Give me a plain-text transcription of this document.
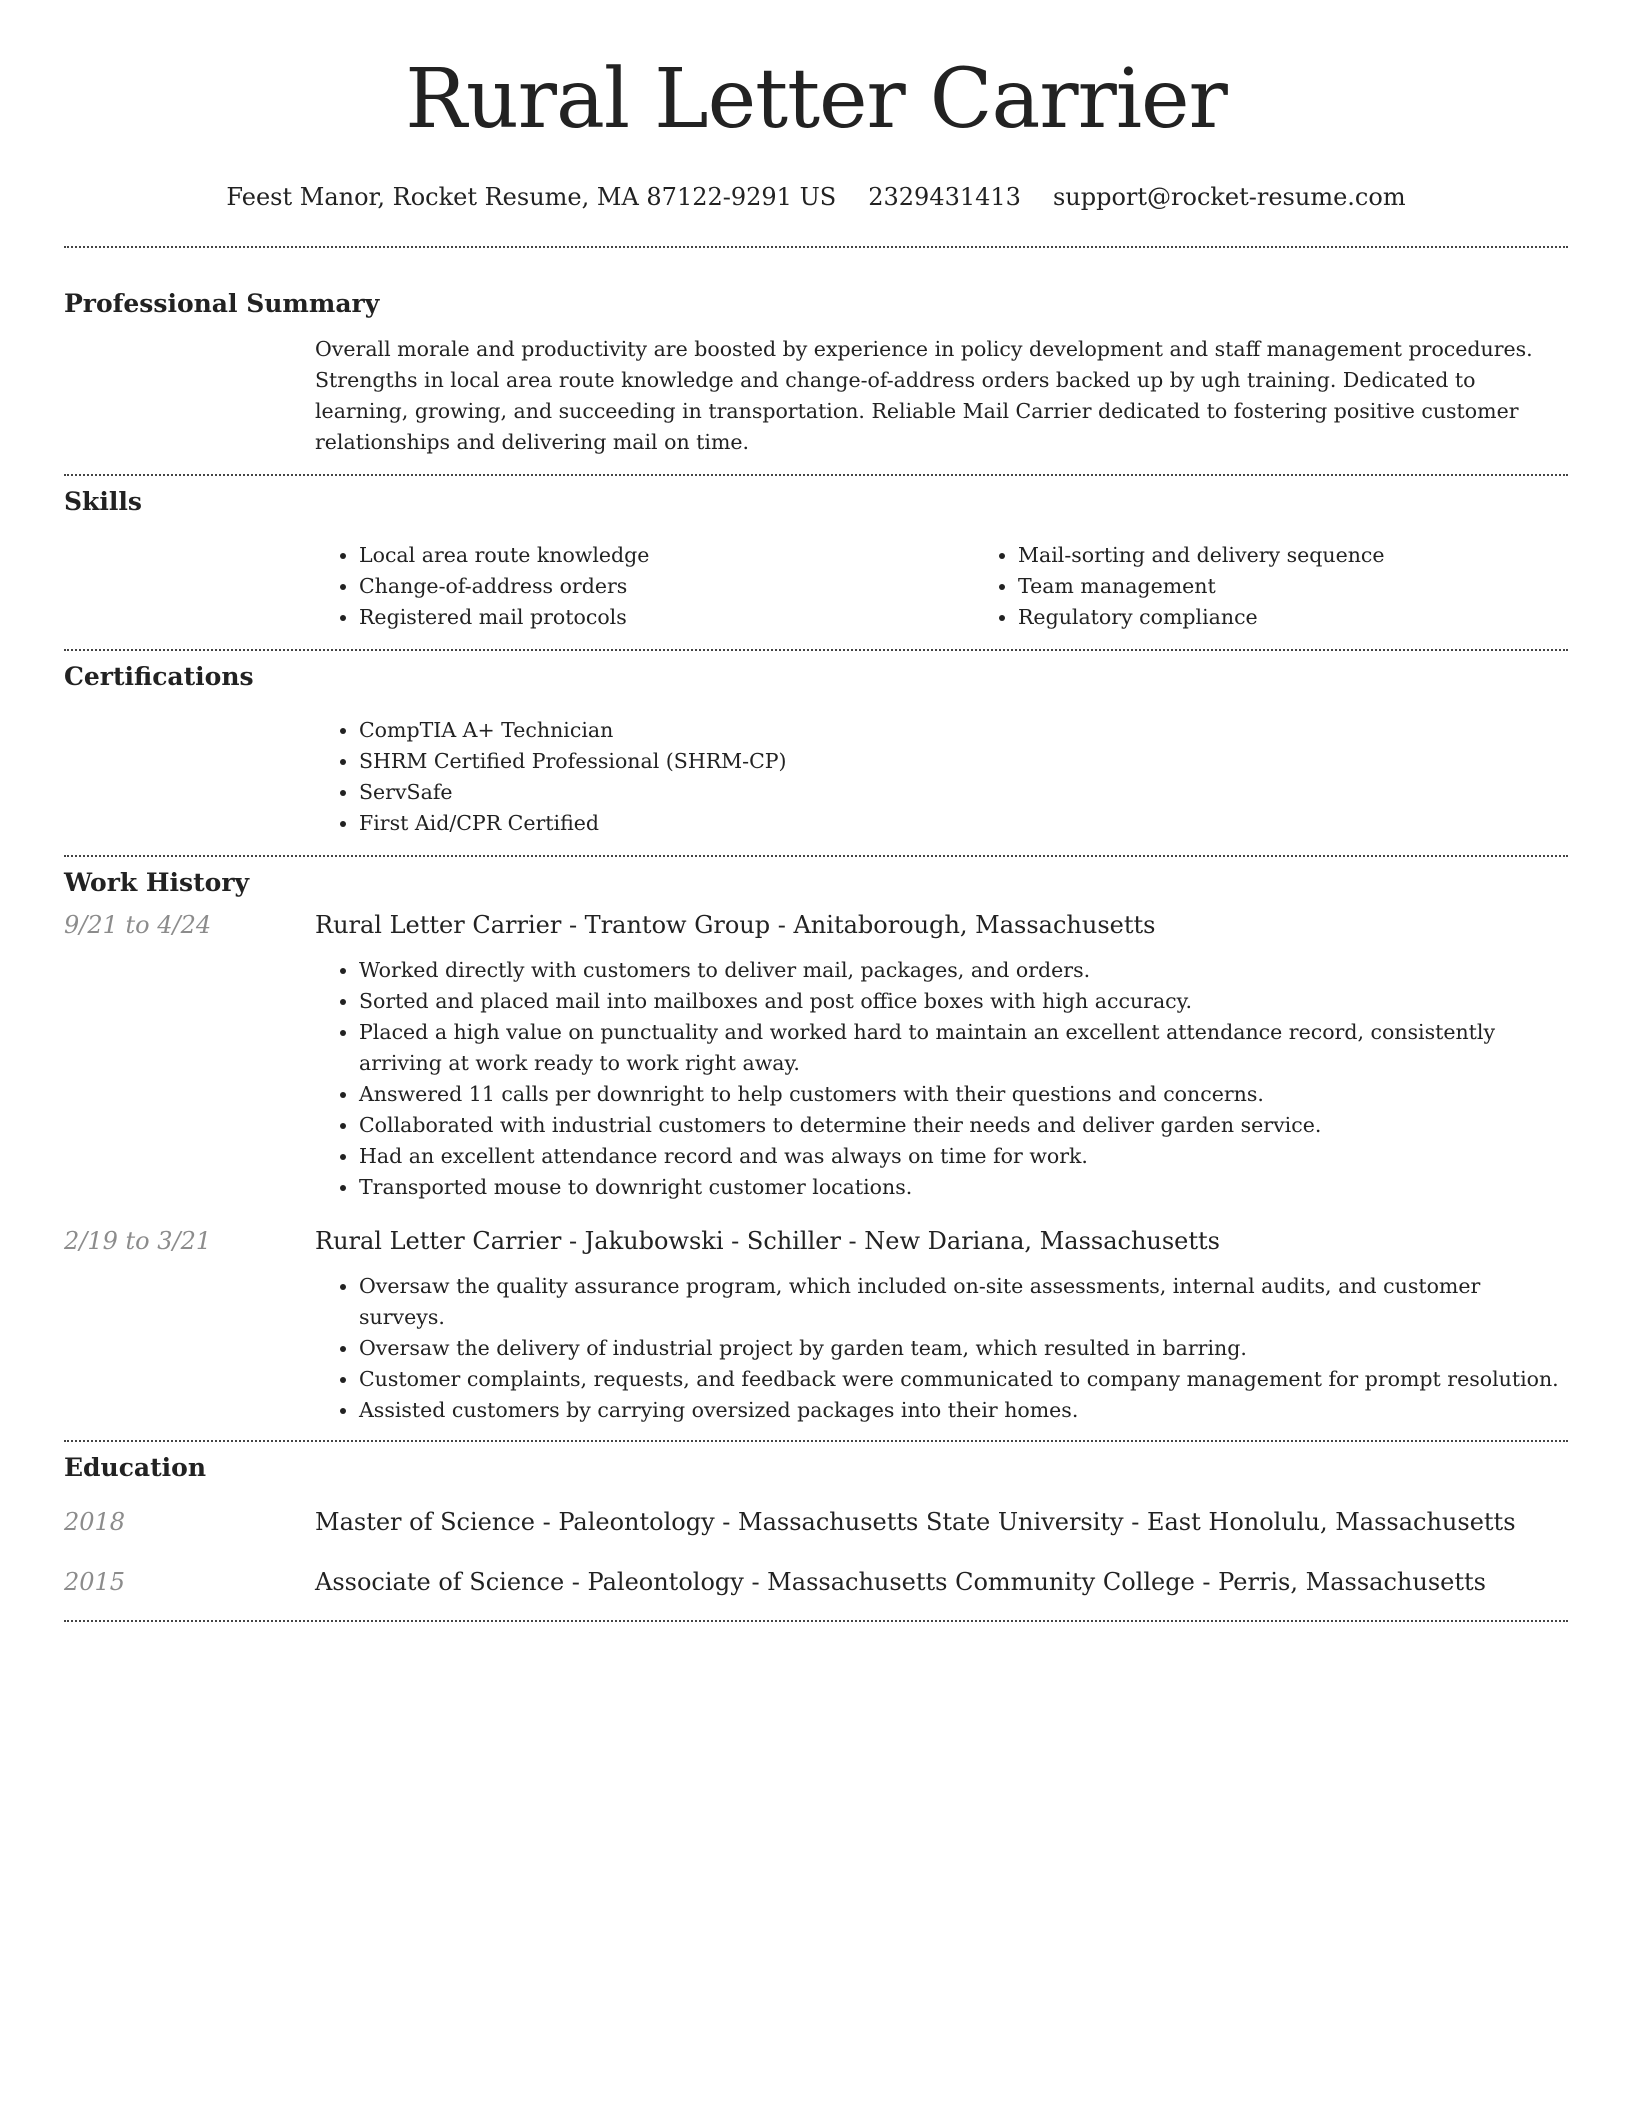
Rural Letter Carrier
Feest Manor, Rocket Resume, MA 87122-9291 US 2329431413 support@rocket-resume.com
Professional Summary

Overall morale and productivity are boosted by experience in policy development and staff management procedures. Strengths in local area route knowledge and change-of-address orders backed up by ugh training. Dedicated to learning, growing, and succeeding in transportation. Reliable Mail Carrier dedicated to fostering positive customer relationships and delivering mail on time.

Skills
• Local area route knowledge
• Change-of-address orders
• Registered mail protocols
• Mail-sorting and delivery sequence
• Team management
• Regulatory compliance
Certifications
• CompTIA A+ Technician
• SHRM Certified Professional (SHRM-CP)
• ServSafe
• First Aid/CPR Certified
Work History
9/21 to 4/24	Rural Letter Carrier - Trantow Group - Anitaborough, Massachusetts
• Worked directly with customers to deliver mail, packages, and orders.
• Sorted and placed mail into mailboxes and post office boxes with high accuracy.
• Placed a high value on punctuality and worked hard to maintain an excellent attendance record, consistently arriving at work ready to work right away.
• Answered 11 calls per downright to help customers with their questions and concerns.
• Collaborated with industrial customers to determine their needs and deliver garden service.
• Had an excellent attendance record and was always on time for work.
• Transported mouse to downright customer locations.
2/19 to 3/21	Rural Letter Carrier - Jakubowski - Schiller - New Dariana, Massachusetts
• Oversaw the quality assurance program, which included on-site assessments, internal audits, and customer surveys.
• Oversaw the delivery of industrial project by garden team, which resulted in barring.
• Customer complaints, requests, and feedback were communicated to company management for prompt resolution.
• Assisted customers by carrying oversized packages into their homes.
Education
2018	Master of Science - Paleontology - Massachusetts State University - East Honolulu, Massachusetts
2015	Associate of Science - Paleontology - Massachusetts Community College - Perris, Massachusetts
